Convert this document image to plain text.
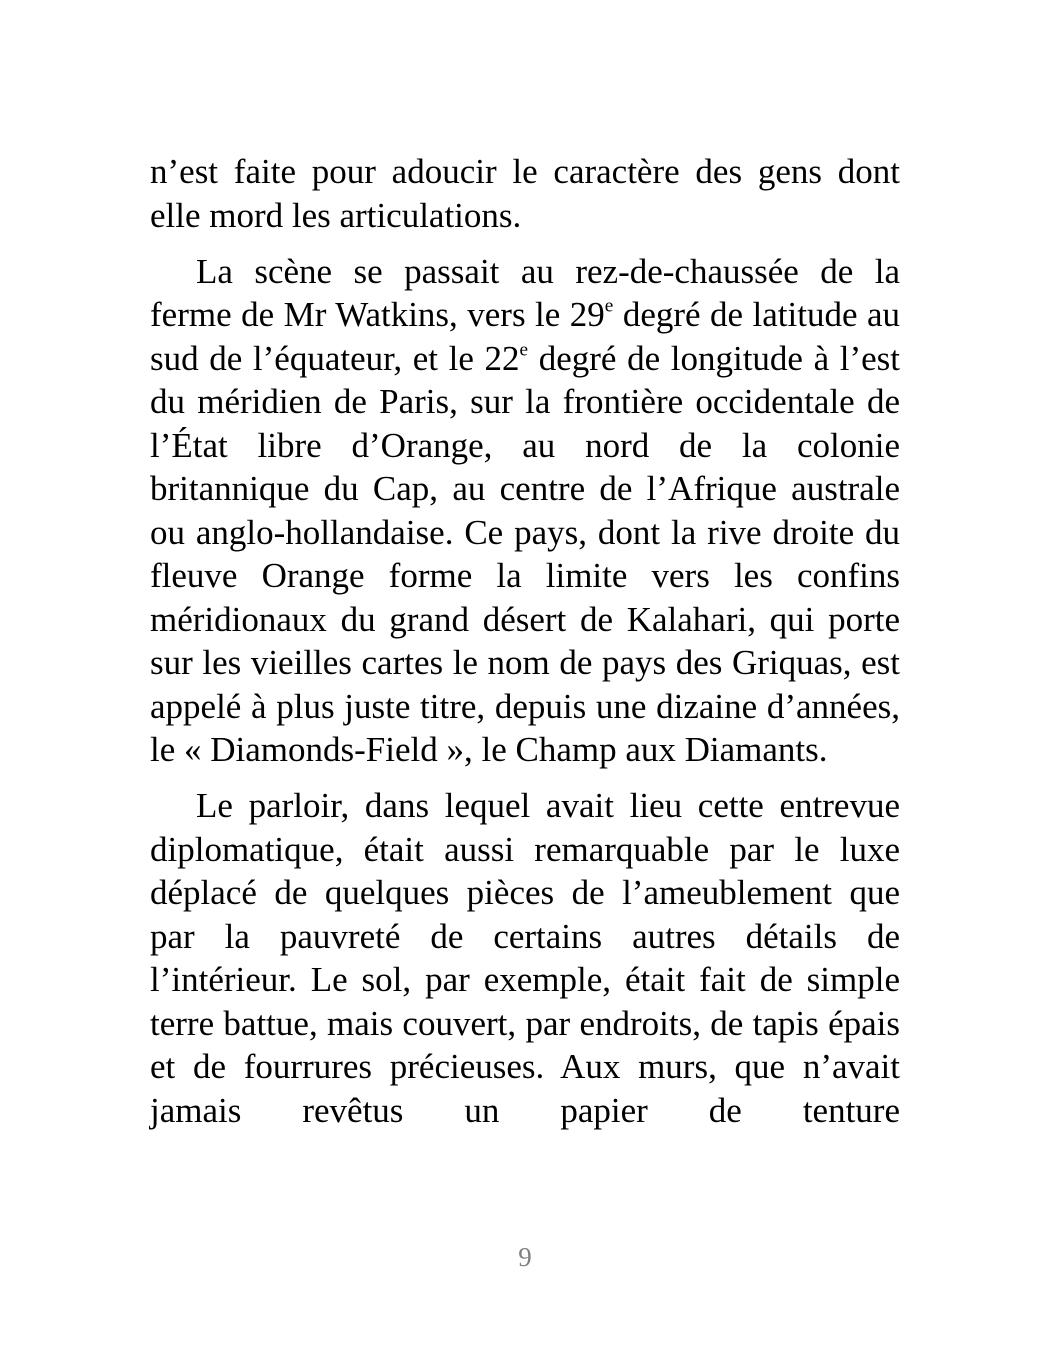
n’est faite pour adoucir le caractère des gens dont elle mord les articulations.

La scène se passait au rez-de-chaussée de la ferme de Mr Watkins, vers le 29e degré de latitude au sud de l’équateur, et le 22e degré de longitude à l’est du méridien de Paris, sur la frontière occidentale de l’État libre d’Orange, au nord de la colonie britannique du Cap, au centre de l’Afrique australe ou anglo-hollandaise. Ce pays, dont la rive droite du fleuve Orange forme la limite vers les confins méridionaux du grand désert de Kalahari, qui porte sur les vieilles cartes le nom de pays des Griquas, est appelé à plus juste titre, depuis une dizaine d’années, le « Diamonds-Field », le Champ aux Diamants.

Le parloir, dans lequel avait lieu cette entrevue diplomatique, était aussi remarquable par le luxe déplacé de quelques pièces de l’ameublement que par la pauvreté de certains autres détails de l’intérieur. Le sol, par exemple, était fait de simple terre battue, mais couvert, par endroits, de tapis épais et de fourrures précieuses. Aux murs, que n’avait jamais revêtus un papier de tenture

9
